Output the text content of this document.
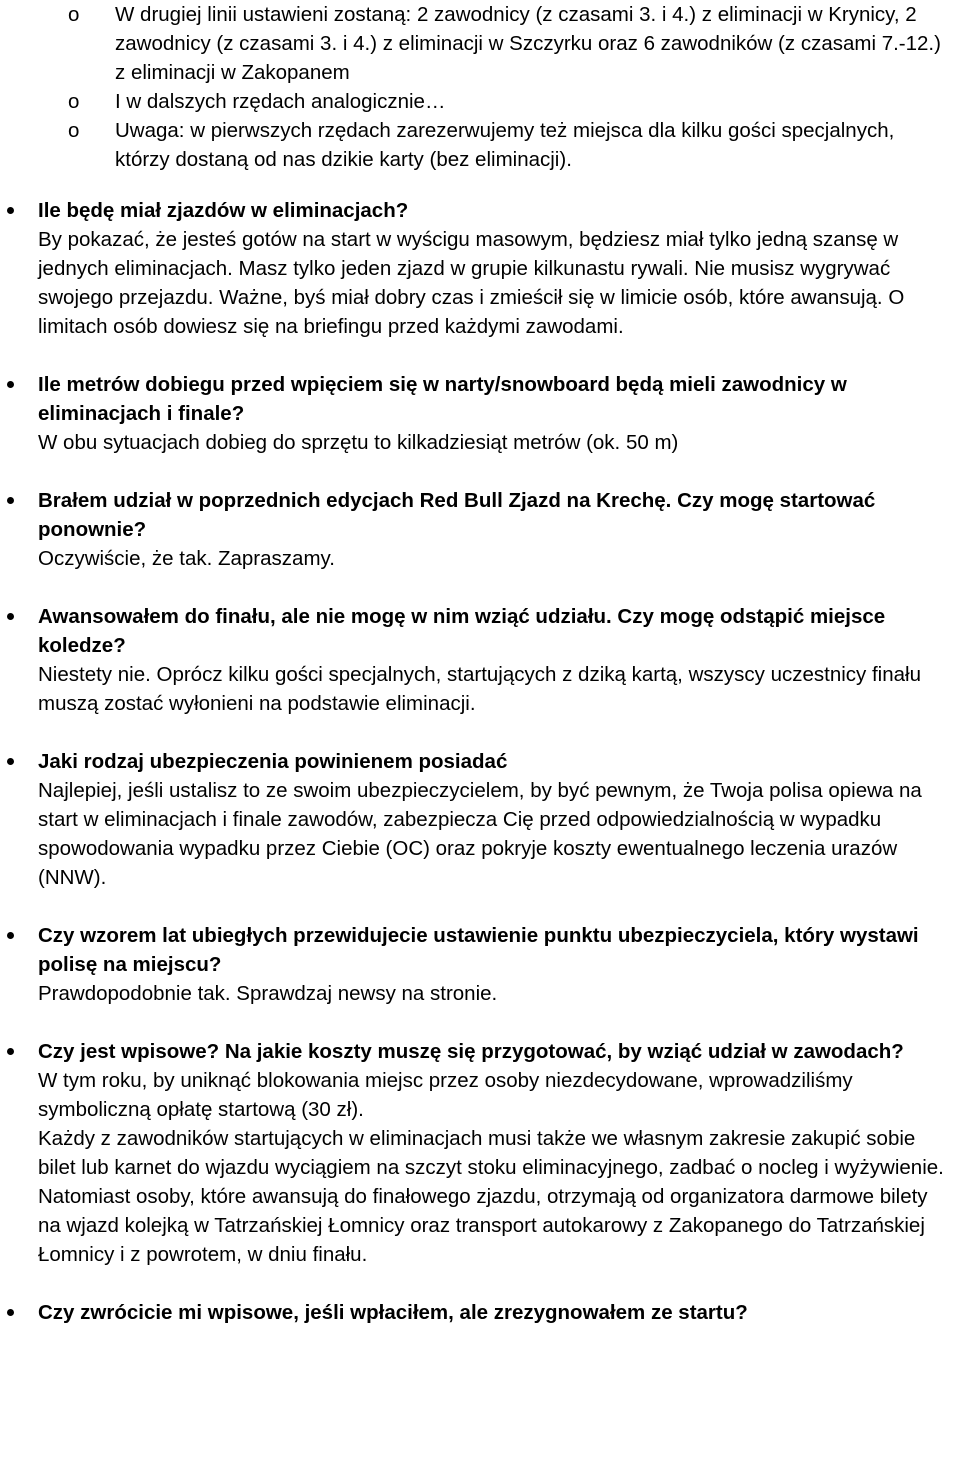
o W drugiej linii ustawieni zostaną: 2 zawodnicy (z czasami 3. i 4.) z eliminacji w Krynicy, 2 zawodnicy (z czasami 3. i 4.) z eliminacji w Szczyrku oraz 6 zawodników (z czasami 7.-12.) z eliminacji w Zakopanem
o I w dalszych rzędach analogicznie…
o Uwaga: w pierwszych rzędach zarezerwujemy też miejsca dla kilku gości specjalnych, którzy dostaną od nas dzikie karty (bez eliminacji).
Ile będę miał zjazdów w eliminacjach?

By pokazać, że jesteś gotów na start w wyścigu masowym, będziesz miał tylko jedną szansę w jednych eliminacjach. Masz tylko jeden zjazd w grupie kilkunastu rywali. Nie musisz wygrywać swojego przejazdu. Ważne, byś miał dobry czas i zmieścił się w limicie osób, które awansują. O limitach osób dowiesz się na briefingu przed każdymi zawodami.

Ile metrów dobiegu przed wpięciem się w narty/snowboard będą mieli zawodnicy w eliminacjach i finale?

W obu sytuacjach dobieg do sprzętu to kilkadziesiąt metrów (ok. 50 m)

Brałem udział w poprzednich edycjach Red Bull Zjazd na Krechę. Czy mogę startować ponownie?

Oczywiście, że tak. Zapraszamy.

Awansowałem do finału, ale nie mogę w nim wziąć udziału. Czy mogę odstąpić miejsce koledze?

Niestety nie. Oprócz kilku gości specjalnych, startujących z dziką kartą, wszyscy uczestnicy finału muszą zostać wyłonieni na podstawie eliminacji.

Jaki rodzaj ubezpieczenia powinienem posiadać

Najlepiej, jeśli ustalisz to ze swoim ubezpieczycielem, by być pewnym, że Twoja polisa opiewa na start w eliminacjach i finale zawodów, zabezpiecza Cię przed odpowiedzialnością w wypadku spowodowania wypadku przez Ciebie (OC) oraz pokryje koszty ewentualnego leczenia urazów (NNW).

Czy wzorem lat ubiegłych przewidujecie ustawienie punktu ubezpieczyciela, który wystawi polisę na miejscu?

Prawdopodobnie tak. Sprawdzaj newsy na stronie.

Czy jest wpisowe? Na jakie koszty muszę się przygotować, by wziąć udział w zawodach?

W tym roku, by uniknąć blokowania miejsc przez osoby niezdecydowane, wprowadziliśmy symboliczną opłatę startową (30 zł).

Każdy z zawodników startujących w eliminacjach musi także we własnym zakresie zakupić sobie bilet lub karnet do wjazdu wyciągiem na szczyt stoku eliminacyjnego, zadbać o nocleg i wyżywienie.

Natomiast osoby, które awansują do finałowego zjazdu, otrzymają od organizatora darmowe bilety na wjazd kolejką w Tatrzańskiej Łomnicy oraz transport autokarowy z Zakopanego do Tatrzańskiej Łomnicy i z powrotem, w dniu finału.

Czy zwrócicie mi wpisowe, jeśli wpłaciłem, ale zrezygnowałem ze startu?
